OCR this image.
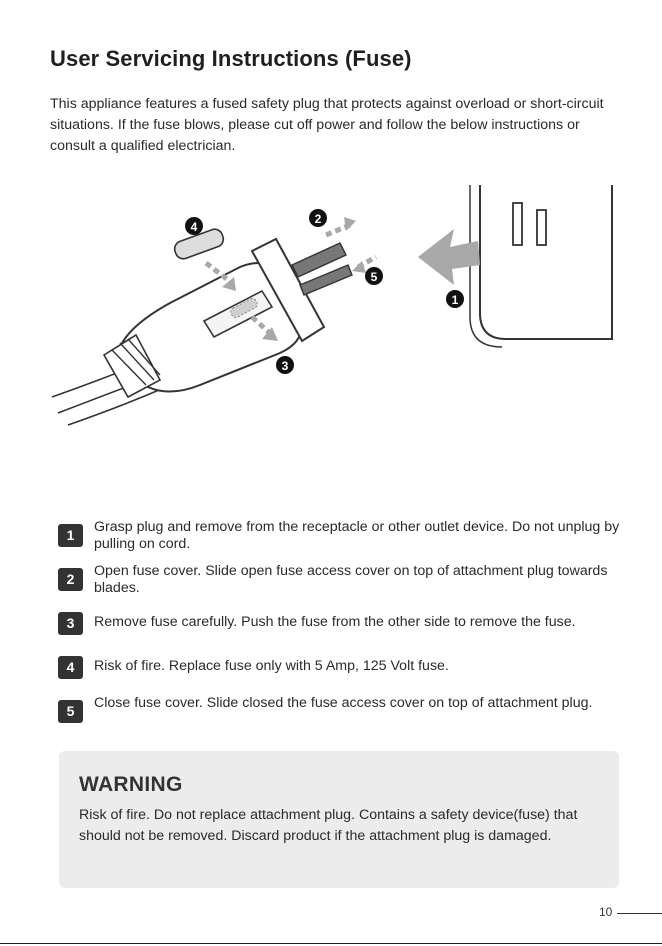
User Servicing Instructions (Fuse)

This appliance features a fused safety plug that protects against overload or short-circuit situations. If the fuse blows, please cut off power and follow the below instructions or consult a qualified electrician.

1
2
3
4
5
1	Grasp plug and remove from the receptacle or other outlet device. Do not unplug by pulling on cord.
2	Open fuse cover. Slide open fuse access cover on top of attachment plug towards blades.
3	Remove fuse carefully. Push the fuse from the other side to remove the fuse.
4	Risk of fire. Replace fuse only with 5 Amp, 125 Volt fuse.
5	Close fuse cover. Slide closed the fuse access cover on top of attachment plug.
WARNING

Risk of fire. Do not replace attachment plug. Contains a safety device(fuse) that should not be removed. Discard product if the attachment plug is damaged.

10
